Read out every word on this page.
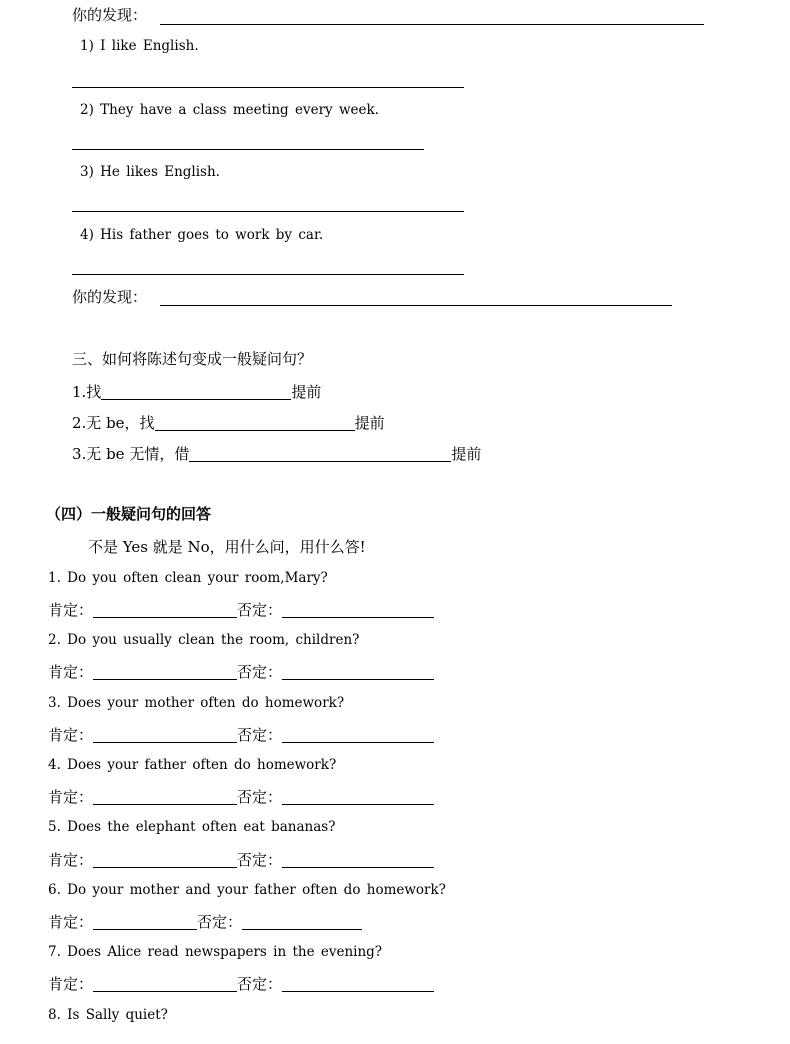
你的发现：
1) I like English.
2) They have a class meeting every week.
3) He likes English.
4) His father goes to work by car.
你的发现：
三、如何将陈述句变成一般疑问句？
1.找	提前
2.无 be，找	提前
3.无 be 无情，借	提前
（四）一般疑问句的回答
不是 Yes 就是 No，用什么问，用什么答!
1. Do you often clean your room,Mary?
肯定：	否定：
2. Do you usually clean the room, children?
肯定：	否定：
3. Does your mother often do homework?
肯定：	否定：
4. Does your father often do homework?
肯定：	否定：
5. Does the elephant often eat bananas?
肯定：	否定：
6. Do your mother and your father often do homework?
肯定：	否定：
7. Does Alice read newspapers in the evening?
肯定：	否定：
8. Is Sally quiet?
